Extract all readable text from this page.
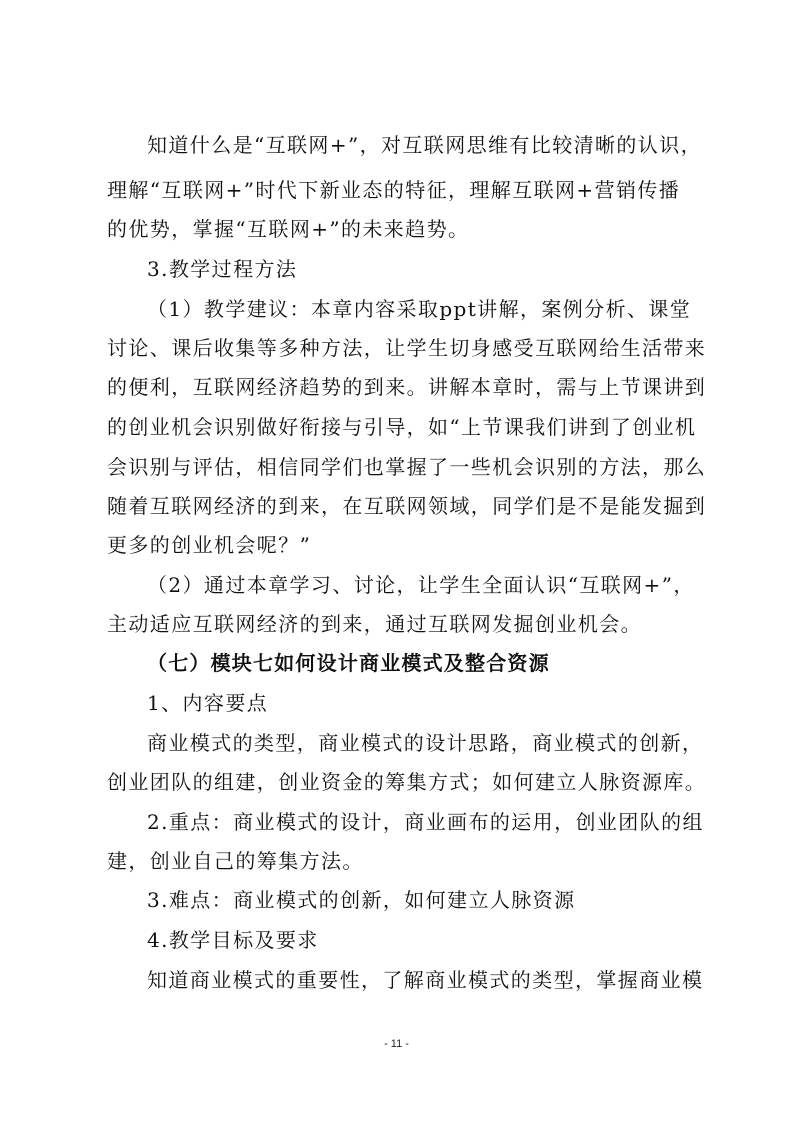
知道什么是“互联网+”，对互联网思维有比较清晰的认识，
理解“互联网+”时代下新业态的特征，理解互联网+营销传播
的优势，掌握“互联网+”的未来趋势。
3.教学过程方法
（1）教学建议：本章内容采取ppt讲解，案例分析、课堂
讨论、课后收集等多种方法，让学生切身感受互联网给生活带来
的便利，互联网经济趋势的到来。讲解本章时，需与上节课讲到
的创业机会识别做好衔接与引导，如“上节课我们讲到了创业机
会识别与评估，相信同学们也掌握了一些机会识别的方法，那么
随着互联网经济的到来，在互联网领域，同学们是不是能发掘到
更多的创业机会呢？”
（2）通过本章学习、讨论，让学生全面认识“互联网+”，
主动适应互联网经济的到来，通过互联网发掘创业机会。
（七）模块七如何设计商业模式及整合资源
1、内容要点
商业模式的类型，商业模式的设计思路，商业模式的创新，
创业团队的组建，创业资金的筹集方式；如何建立人脉资源库。
2.重点：商业模式的设计，商业画布的运用，创业团队的组
建，创业自己的筹集方法。
3.难点：商业模式的创新，如何建立人脉资源
4.教学目标及要求
知道商业模式的重要性，了解商业模式的类型，掌握商业模
- 11 -
